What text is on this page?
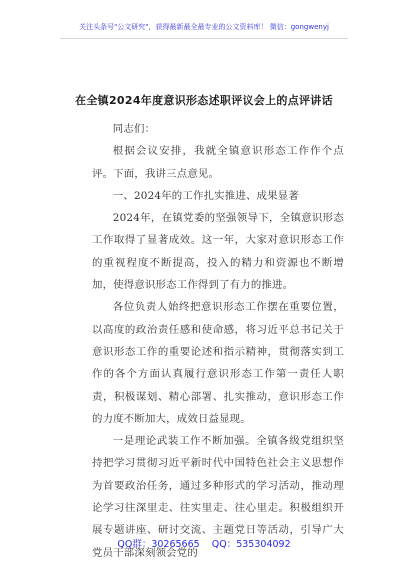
关注头条号"公文研究"，获得最新最全最专业的公文资料库！ 微信：gongwenyj
在全镇2024年度意识形态述职评议会上的点评讲话

同志们：

根据会议安排，我就全镇意识形态工作作个点评。下面，我讲三点意见。

一、2024年的工作扎实推进、成果显著

2024年，在镇党委的坚强领导下，全镇意识形态工作取得了显著成效。这一年，大家对意识形态工作的重视程度不断提高，投入的精力和资源也不断增加，使得意识形态工作得到了有力的推进。

各位负责人始终把意识形态工作摆在重要位置，以高度的政治责任感和使命感，将习近平总书记关于意识形态工作的重要论述和指示精神，贯彻落实到工作的各个方面认真履行意识形态工作第一责任人职责，积极谋划、精心部署、扎实推动，意识形态工作的力度不断加大，成效日益显现。

一是理论武装工作不断加强。全镇各级党组织坚持把学习贯彻习近平新时代中国特色社会主义思想作为首要政治任务，通过多种形式的学习活动，推动理论学习往深里走、往实里走、往心里走。积极组织开展专题讲座、研讨交流、主题党日等活动，引导广大党员干部深刻领会党的

QQ群：30265665    QQ：535304092
